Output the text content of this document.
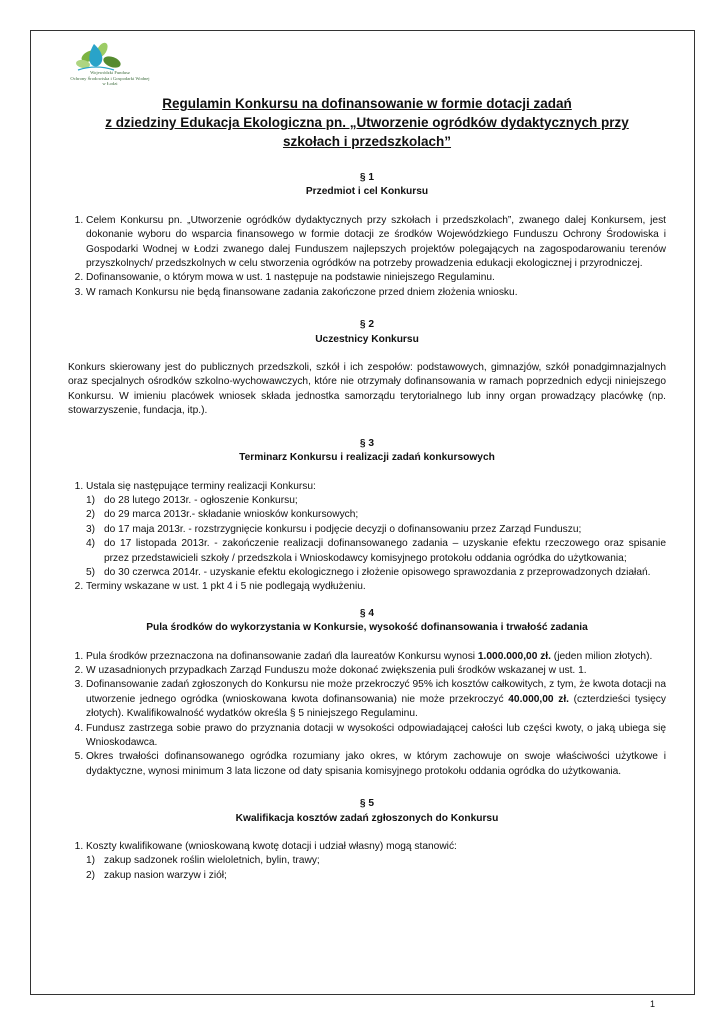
Wojewódzki Fundusz
Ochrony Środowiska i Gospodarki Wodnej
w Łodzi
Regulamin Konkursu na dofinansowanie w formie dotacji zadań
z dziedziny Edukacja Ekologiczna pn. „Utworzenie ogródków dydaktycznych przy
szkołach i przedszkolach”
§ 1
Przedmiot i cel Konkursu
1. Celem Konkursu pn. „Utworzenie ogródków dydaktycznych przy szkołach i przedszkolach”, zwanego dalej Konkursem, jest dokonanie wyboru do wsparcia finansowego w formie dotacji ze środków Wojewódzkiego Funduszu Ochrony Środowiska i Gospodarki Wodnej w Łodzi zwanego dalej Funduszem najlepszych projektów polegających na zagospodarowaniu terenów przyszkolnych/ przedszkolnych w celu stworzenia ogródków na potrzeby prowadzenia edukacji ekologicznej i przyrodniczej.
2. Dofinansowanie, o którym mowa w ust. 1 następuje na podstawie niniejszego Regulaminu.
3. W ramach Konkursu nie będą finansowane zadania zakończone przed dniem złożenia wniosku.
§ 2
Uczestnicy Konkursu

Konkurs skierowany jest do publicznych przedszkoli, szkół i ich zespołów: podstawowych, gimnazjów, szkół ponadgimnazjalnych oraz specjalnych ośrodków szkolno-wychowawczych, które nie otrzymały dofinansowania w ramach poprzednich edycji niniejszego Konkursu. W imieniu placówek wniosek składa jednostka samorządu terytorialnego lub inny organ prowadzący placówkę (np. stowarzyszenie, fundacja, itp.).

§ 3
Terminarz Konkursu i realizacji zadań konkursowych
1. Ustala się następujące terminy realizacji Konkursu:
do 28 lutego 2013r. - ogłoszenie Konkursu;
do 29 marca 2013r.- składanie wniosków konkursowych;
do 17 maja 2013r. - rozstrzygnięcie konkursu i podjęcie decyzji o dofinansowaniu przez Zarząd Funduszu;
do 17 listopada 2013r. - zakończenie realizacji dofinansowanego zadania – uzyskanie efektu rzeczowego oraz spisanie przez przedstawicieli szkoły / przedszkola i Wnioskodawcy komisyjnego protokołu oddania ogródka do użytkowania;
do 30 czerwca 2014r. - uzyskanie efektu ekologicznego i złożenie opisowego sprawozdania z przeprowadzonych działań.
2. Terminy wskazane w ust. 1 pkt 4 i 5 nie podlegają wydłużeniu.
§ 4
Pula środków do wykorzystania w Konkursie, wysokość dofinansowania i trwałość zadania
1. Pula środków przeznaczona na dofinansowanie zadań dla laureatów Konkursu wynosi 1.000.000,00 zł. (jeden milion złotych).
2. W uzasadnionych przypadkach Zarząd Funduszu może dokonać zwiększenia puli środków wskazanej w ust. 1.
3. Dofinansowanie zadań zgłoszonych do Konkursu nie może przekroczyć 95% ich kosztów całkowitych, z tym, że kwota dotacji na utworzenie jednego ogródka (wnioskowana kwota dofinansowania) nie może przekroczyć 40.000,00 zł. (czterdzieści tysięcy złotych). Kwalifikowalność wydatków określa § 5 niniejszego Regulaminu.
4. Fundusz zastrzega sobie prawo do przyznania dotacji w wysokości odpowiadającej całości lub części kwoty, o jaką ubiega się Wnioskodawca.
5. Okres trwałości dofinansowanego ogródka rozumiany jako okres, w którym zachowuje on swoje właściwości użytkowe i dydaktyczne, wynosi minimum 3 lata liczone od daty spisania komisyjnego protokołu oddania ogródka do użytkowania.
§ 5
Kwalifikacja kosztów zadań zgłoszonych do Konkursu
1. Koszty kwalifikowane (wnioskowaną kwotę dotacji i udział własny) mogą stanowić:
zakup sadzonek roślin wieloletnich, bylin, trawy;
zakup nasion warzyw i ziół;
1
